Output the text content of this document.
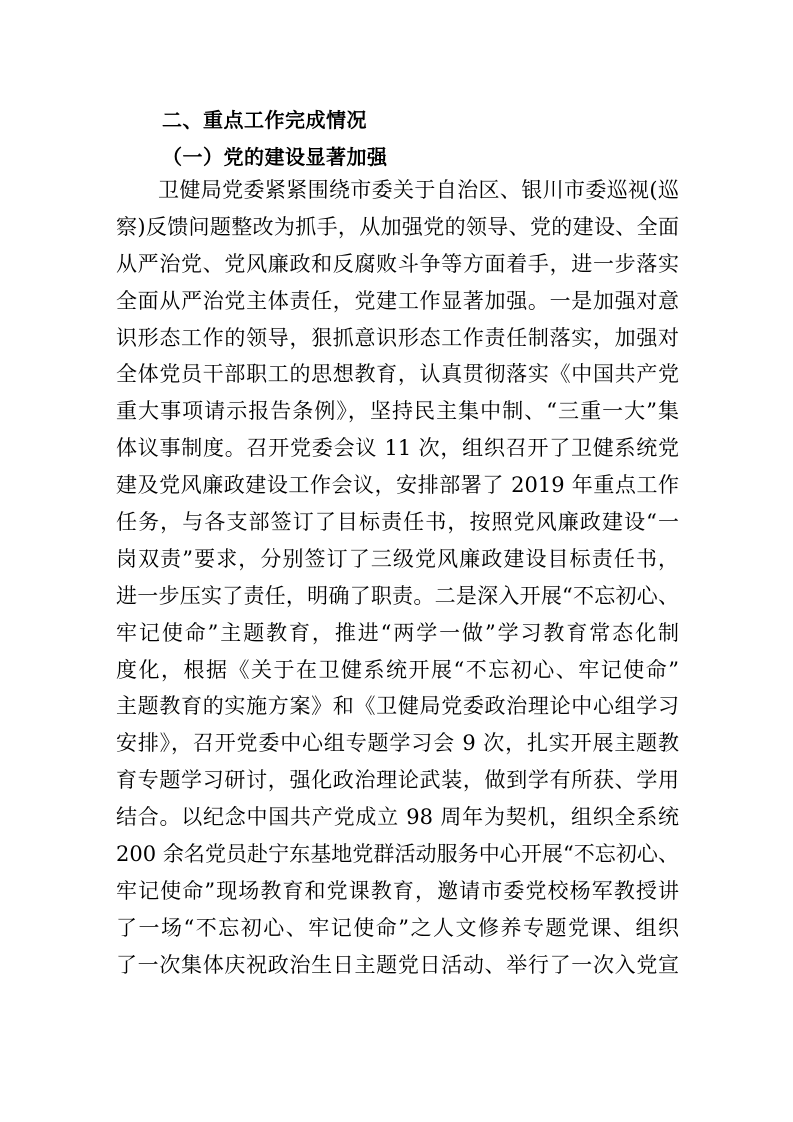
二、重点工作完成情况
（一）党的建设显著加强
卫健局党委紧紧围绕市委关于自治区、银川市委巡视(巡
察)反馈问题整改为抓手，从加强党的领导、党的建设、全面
从严治党、党风廉政和反腐败斗争等方面着手，进一步落实
全面从严治党主体责任，党建工作显著加强。一是加强对意
识形态工作的领导，狠抓意识形态工作责任制落实，加强对
全体党员干部职工的思想教育，认真贯彻落实《中国共产党
重大事项请示报告条例》，坚持民主集中制、“三重一大”集
体议事制度。召开党委会议 11 次，组织召开了卫健系统党
建及党风廉政建设工作会议，安排部署了 2019 年重点工作
任务，与各支部签订了目标责任书，按照党风廉政建设“一
岗双责”要求，分别签订了三级党风廉政建设目标责任书，
进一步压实了责任，明确了职责。二是深入开展“不忘初心、
牢记使命”主题教育，推进“两学一做”学习教育常态化制
度化，根据《关于在卫健系统开展“不忘初心、牢记使命”
主题教育的实施方案》和《卫健局党委政治理论中心组学习
安排》，召开党委中心组专题学习会 9 次，扎实开展主题教
育专题学习研讨，强化政治理论武装，做到学有所获、学用
结合。以纪念中国共产党成立 98 周年为契机，组织全系统
200 余名党员赴宁东基地党群活动服务中心开展“不忘初心、
牢记使命”现场教育和党课教育，邀请市委党校杨军教授讲
了一场“不忘初心、牢记使命”之人文修养专题党课、组织
了一次集体庆祝政治生日主题党日活动、举行了一次入党宣
